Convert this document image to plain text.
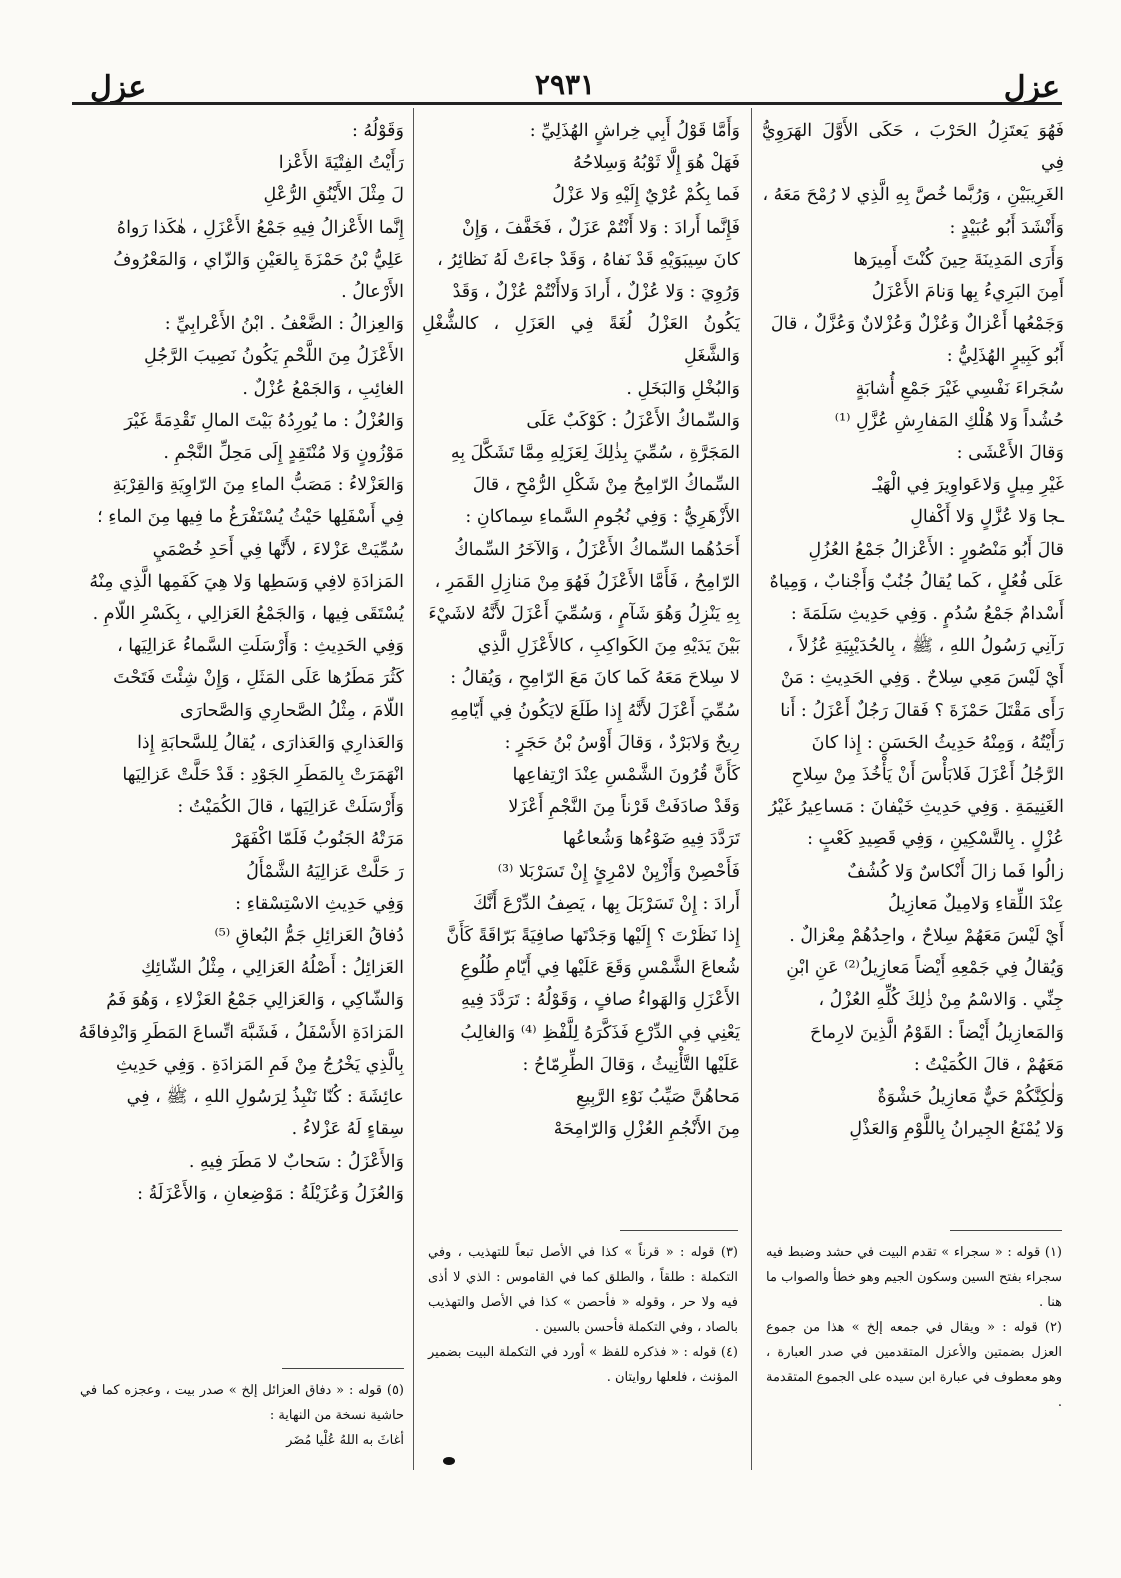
عزل
٢٩٣١
عزل

فَهُوَ يَعتَزِلُ الحَرْبَ ، حَكَى الأَوَّلَ الهَرَوِيُّ فِي

الغَرِيبَيْنِ ، وَرُبَّما خُصَّ بِهِ الَّذِي لا رُمْحَ مَعَهُ ،

وَأَنْشَدَ أَبُو عُبَيْدٍ :

وَأَرَى المَدِينَةَ حِينَ كُنْتَ أَمِيرَها

أَمِنَ البَرِيءُ بِها وَنامَ الأَعْزَلُ

وَجَمْعُها أَعْزالٌ وَعُزْلٌ وَعُزْلانٌ وَعُزَّلٌ ، قالَ

أَبُو كَبِيرٍ الهُذَلِيُّ :

سُجَراءَ نَفْسِي غَيْرَ جَمْعِ أُشابَةٍ

حُشُداً وَلا هُلْكِ المَفارِشِ عُزَّلِ ⁽¹⁾

وَقالَ الأَعْشَى :

غَيْرِ مِيلٍ وَلاعَواوِيرَ فِي الْهَيْـ

ـجا وَلا عُزَّلٍ وَلا أَكْفالِ

قالَ أَبُو مَنْصُورٍ : الأَعْزالُ جَمْعُ العُزُلِ

عَلَى فُعُلٍ ، كَما يُقالُ جُنُبٌ وَأَجْنابٌ ، وَمِياهٌ

أَسْدامٌ جَمْعُ سُدُمٍ . وَفِي حَدِيثِ سَلَمَةَ :

رَآنِي رَسُولُ اللهِ ، ﷺ ، بِالحُدَيْبِيَةِ عُزُلاً ،

أَيْ لَيْسَ مَعِي سِلاحٌ . وَفِي الحَدِيثِ : مَنْ

رَأَى مَقْتَلَ حَمْزَةَ ؟ فَقالَ رَجُلٌ أَعْزَلُ : أَنا

رَأَيْتُهُ ، وَمِنْهُ حَدِيثُ الحَسَنِ : إِذا كانَ

الرَّجُلُ أَعْزَلَ فَلابَأْسَ أَنْ يَأْخُذَ مِنْ سِلاحِ

الغَنِيمَةِ . وَفِي حَدِيثِ خَيْفانَ : مَساعِيرُ غَيْرُ

عُزْلٍ . بِالتَّسْكِينِ ، وَفِي قَصِيدِ كَعْبٍ :

زالُوا فَما زالَ أَنْكاسٌ وَلا كُشُفٌ

عِنْدَ اللِّقاءِ وَلامِيلٌ مَعازِيلُ

أَيْ لَيْسَ مَعَهُمْ سِلاحٌ ، واحِدُهُمْ مِعْزالٌ .

وَيُقالُ فِي جَمْعِهِ أَيْضاً مَعازِيلُ⁽²⁾ عَنِ ابْنِ

جِنِّي . وَالاسْمُ مِنْ ذٰلِكَ كُلِّهِ العُزْلُ ،

وَالمَعازِيلُ أَيْضاً : القَوْمُ الَّذِينَ لارِماحَ

مَعَهُمْ ، قالَ الكُمَيْتُ :

وَلٰكِنَّكُمْ حَيٌّ مَعازِيلُ حَشْوَةٌ

وَلا يُمْنَعُ الجِيرانُ بِاللَّوْمِ وَالعَذْلِ

وَأَمَّا قَوْلُ أَبِي خِراشٍ الهُذَلِيِّ :

فَهَلْ هُوَ إِلَّا ثَوْبُهُ وَسِلاحُهُ

فَما بِكُمْ عُرْيٌ إِلَيْهِ وَلا عَزْلُ

فَإِنَّما أَرادَ : وَلا أَنْتُمْ عَزَلٌ ، فَخَفَّفَ ، وَإِنْ

كانَ سِيبَوَيْهِ قَدْ نَفاهُ ، وَقَدْ جاءَتْ لَهُ نَظائِرُ ،

وَرُوِيَ : وَلا عُزْلٌ ، أَرادَ وَلاأَنْتُمْ عُزْلٌ ، وَقَدْ

يَكُونُ العَزْلُ لُغَةً فِي العَزَلِ ، كالشُّغْلِ وَالشَّغَلِ

وَالبُخْلِ وَالبَخَلِ .

وَالسِّماكُ الأَعْزَلُ : كَوْكَبٌ عَلَى

المَجَرَّةِ ، سُمِّيَ بِذٰلِكَ لِعَزَلِهِ مِمَّا تَشَكَّلَ بِهِ

السِّماكُ الرّامِحُ مِنْ شَكْلِ الرُّمْحِ ، قالَ

الأَزْهَرِيُّ : وَفِي نُجُومِ السَّماءِ سِماكانِ :

أَحَدُهُما السِّماكُ الأَعْزَلُ ، وَالآخَرُ السِّماكُ

الرّامِحُ ، فَأَمَّا الأَعْزَلُ فَهُوَ مِنْ مَنازِلِ القَمَرِ ،

بِهِ يَنْزِلُ وَهُوَ شَآمٍ ، وَسُمِّيَ أَعْزَلَ لأَنَّهُ لاشَيْءَ

بَيْنَ يَدَيْهِ مِنَ الكَواكِبِ ، كالأَعْزَلِ الَّذِي

لا سِلاحَ مَعَهُ كَما كانَ مَعَ الرّامِحِ ، وَيُقالُ :

سُمِّيَ أَعْزَلَ لأَنَّهُ إِذا طَلَعَ لايَكُونُ فِي أَيّامِهِ

رِيحٌ وَلابَرْدٌ ، وَقالَ أَوْسُ بْنُ حَجَرٍ :

كَأَنَّ قُرُونَ الشَّمْسِ عِنْدَ ارْتِفاعِها

وَقَدْ صادَفَتْ قَرْناً مِنَ النَّجْمِ أَعْزَلا

تَرَدَّدَ فِيهِ ضَوْءُها وَشُعاعُها

فَأَحْصِنْ وَأَزْيِنْ لامْرِئٍ إِنْ تَسَرْبَلا ⁽³⁾

أَرادَ : إِنْ تَسَرْبَلَ بِها ، يَصِفُ الدِّرْعَ أَنَّكَ

إِذا نَظَرْتَ ؟ إِلَيْها وَجَدْتَها صافِيَةً بَرّاقَةً كَأَنَّ

شُعاعَ الشَّمْسِ وَقَعَ عَلَيْها فِي أَيّامِ طُلُوعِ

الأَعْزَلِ وَالهَواءُ صافٍ ، وَقَوْلُهُ : تَرَدَّدَ فِيهِ

يَعْنِي فِي الدِّرْعِ فَذَكَّرَهُ لِلَّفْظِ ⁽⁴⁾ وَالغالِبُ

عَلَيْها التَّأْنِيثُ ، وَقالَ الطِّرِمّاحُ :

مَحاهُنَّ صَيِّبُ نَوْءِ الرَّبِيعِ

مِنَ الأَنْجُمِ العُزْلِ وَالرّامِحَهْ

وَقَوْلُهُ :

رَأَيْتُ الفِتْيَةَ الأَعْزا

لَ مِثْلَ الأَيْنُقِ الرُّعْلِ

إِنَّما الأَعْزالُ فِيهِ جَمْعُ الأَعْزَلِ ، هٰكَذا رَواهُ

عَلِيُّ بْنُ حَمْزَةَ بِالعَيْنِ وَالزّاي ، وَالمَعْرُوفُ

الأَرْعالُ .

وَالعِزالُ : الضَّعْفُ . ابْنُ الأَعْرابِيِّ :

الأَعْزَلُ مِنَ اللَّحْمِ يَكُونُ نَصِيبَ الرَّجُلِ

الغائِبِ ، وَالجَمْعُ عُزْلٌ .

وَالعُزْلُ : ما يُورِدُهُ بَيْتَ المالِ تَقْدِمَةً غَيْرَ

مَوْزُونٍ وَلا مُنْتَقِدٍ إِلَى مَحِلِّ النَّجْمِ .

وَالعَزْلاءُ : مَصَبُّ الماءِ مِنَ الرّاوِيَةِ وَالقِرْبَةِ

فِي أَسْفَلِها حَيْثُ يُسْتَفْرَغُ ما فِيها مِنَ الماءِ ؛

سُمِّيَتْ عَزْلاءَ ، لأَنَّها فِي أَحَدِ خُصْمَيِ

المَزادَةِ لافِي وَسَطِها وَلا هِيَ كَفَمِها الَّذِي مِنْهُ

يُسْتَقَى فِيها ، وَالجَمْعُ العَزالِي ، بِكَسْرِ اللّامِ .

وَفِي الحَدِيثِ : وَأَرْسَلَتِ السَّماءُ عَزالِيَها ،

كَثُرَ مَطَرُها عَلَى المَثَلِ ، وَإِنْ شِئْتَ فَتَحْتَ

اللّامَ ، مِثْلُ الصَّحارِي وَالصَّحارَى

وَالعَذارِي وَالعَذارَى ، يُقالُ لِلسَّحابَةِ إِذا

انْهَمَرَتْ بِالمَطَرِ الجَوْدِ : قَدْ حَلَّتْ عَزالِيَها

وَأَرْسَلَتْ عَزالِيَها ، قالَ الكُمَيْتُ :

مَرَتْهُ الجَنُوبُ فَلَمّا اكْفَهَرْ

رَ حَلَّتْ عَزالِيَهُ الشَّمْأَلُ

وَفِي حَدِيثِ الاسْتِسْقاءِ :

دُفاقُ العَزائِلِ جَمُّ البُعاقِ ⁽⁵⁾

العَزائِلُ : أَصْلُهُ العَزالِي ، مِثْلُ الشّائِكِ

وَالشّاكِي ، وَالعَزالِي جَمْعُ العَزْلاءِ ، وَهُوَ فَمُ

المَزادَةِ الأَسْفَلُ ، فَشَبَّهَ اتِّساعَ المَطَرِ وَانْدِفاقَهُ

بِالَّذِي يَخْرُجُ مِنْ فَمِ المَزادَةِ . وَفِي حَدِيثِ

عائِشَةَ : كُنّا نَنْبِذُ لِرَسُولِ اللهِ ، ﷺ ، فِي

سِقاءٍ لَهُ عَزْلاءُ .

وَالأَعْزَلُ : سَحابٌ لا مَطَرَ فِيهِ .

وَالعُزَلُ وَعُزَيْلَةُ : مَوْضِعانِ ، وَالأَعْزَلَةُ :

(١) قوله : « سجراء » تقدم البيت في حشد وضبط فيه سجراء بفتح السين وسكون الجيم وهو خطأ والصواب ما هنا .

(٢) قوله : « ويقال في جمعه إلخ » هذا من جموع العزل بضمتين والأعزل المتقدمين في صدر العبارة ، وهو معطوف في عبارة ابن سيده على الجموع المتقدمة .

(٣) قوله : « قرناً » كذا في الأصل تبعاً للتهذيب ، وفي التكملة : طلقاً ، والطلق كما في القاموس : الذي لا أذى فيه ولا حر ، وقوله « فأحصن » كذا في الأصل والتهذيب بالصاد ، وفي التكملة فأحسن بالسين .

(٤) قوله : « فذكره للفظ » أورد في التكملة البيت بضمير المؤنث ، فلعلها روايتان .

(٥) قوله : « دفاق العزائل إلخ » صدر بيت ، وعجزه كما في حاشية نسخة من النهاية :

أغاثَ به اللهُ عُلْيا مُضَر
